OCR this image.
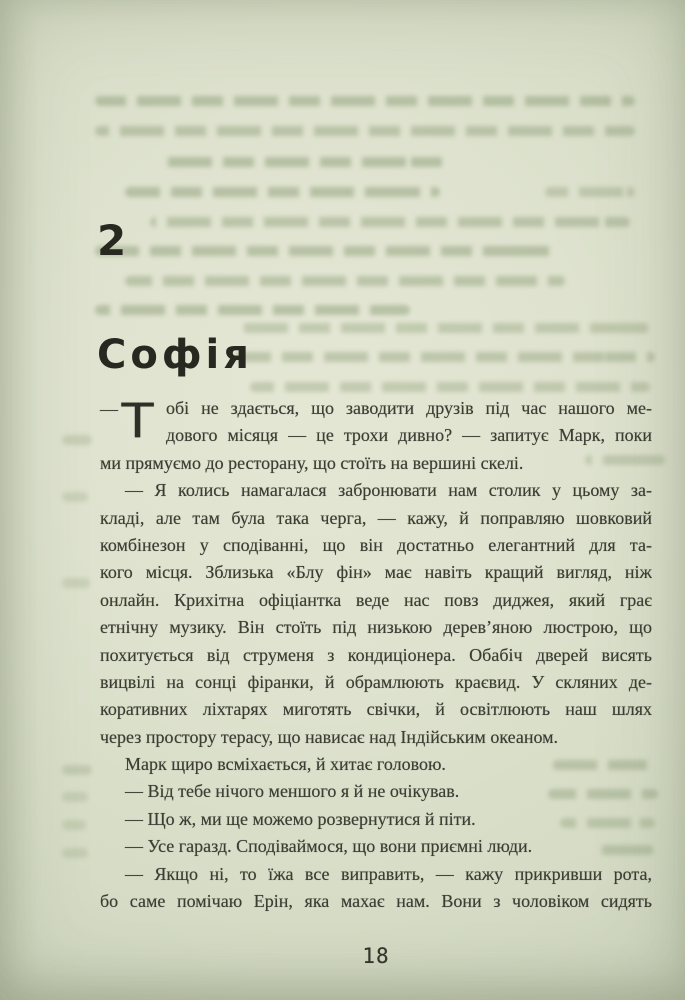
2
Софія
— Т обі не здається, що заводити друзів під час нашого ме-
дового місяця — це трохи дивно? — запитує Марк, поки
ми прямуємо до ресторану, що стоїть на вершині скелі.
— Я колись намагалася забронювати нам столик у цьому за-
кладі, але там була така черга, — кажу, й поправляю шовковий
комбінезон у сподіванні, що він достатньо елегантний для та-
кого місця. Зблизька «Блу фін» має навіть кращий вигляд, ніж
онлайн. Крихітна офіціантка веде нас повз диджея, який грає
етнічну музику. Він стоїть під низькою дерев’яною люстрою, що
похитується від струменя з кондиціонера. Обабіч дверей висять
вицвілі на сонці фіранки, й обрамлюють краєвид. У скляних де-
коративних ліхтарях миготять свічки, й освітлюють наш шлях
через простору терасу, що нависає над Індійським океаном.
Марк щиро всміхається, й хитає головою.
— Від тебе нічого меншого я й не очікував.
— Що ж, ми ще можемо розвернутися й піти.
— Усе гаразд. Сподіваймося, що вони приємні люди.
— Якщо ні, то їжа все виправить, — кажу прикривши рота,
бо саме помічаю Ерін, яка махає нам. Вони з чоловіком сидять
18
